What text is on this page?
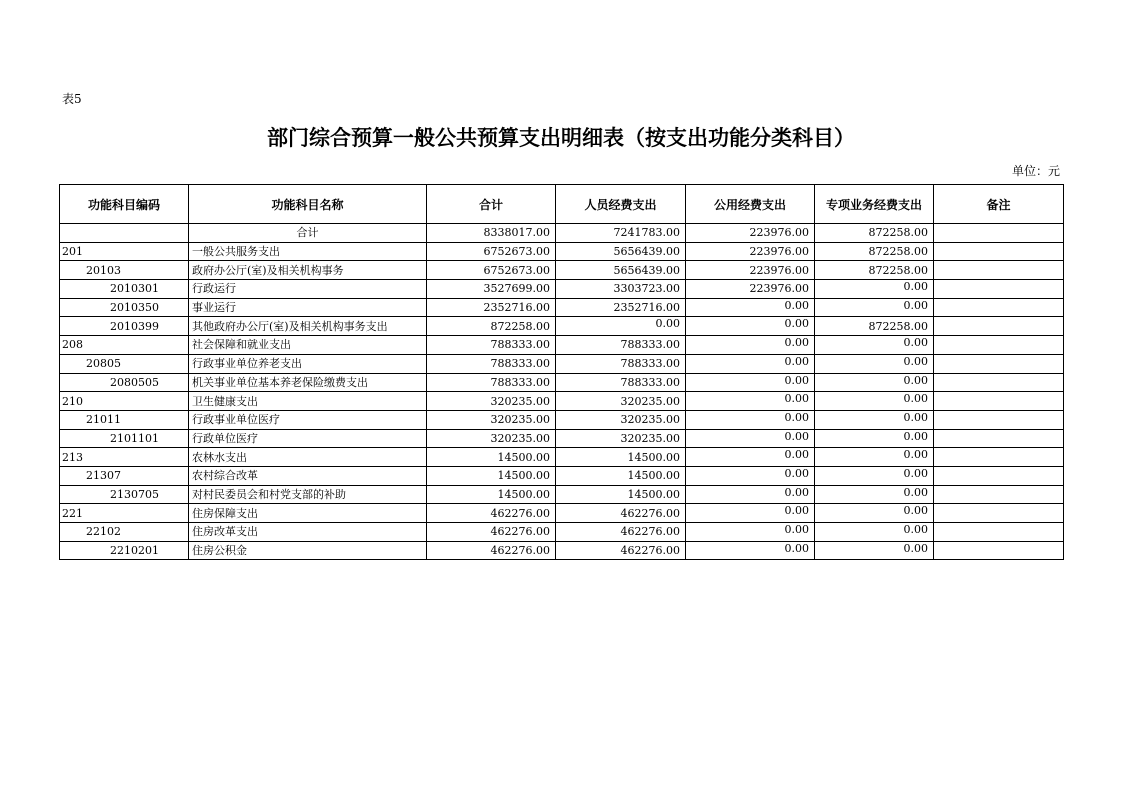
表5
部门综合预算一般公共预算支出明细表（按支出功能分类科目）
单位：元
功能科目编码	功能科目名称	合计	人员经费支出	公用经费支出	专项业务经费支出	备注
	合计	8338017.00	7241783.00	223976.00	872258.00	
201	一般公共服务支出	6752673.00	5656439.00	223976.00	872258.00	
20103	政府办公厅(室)及相关机构事务	6752673.00	5656439.00	223976.00	872258.00	
2010301	行政运行	3527699.00	3303723.00	223976.00	0.00	
2010350	事业运行	2352716.00	2352716.00	0.00	0.00	
2010399	其他政府办公厅(室)及相关机构事务支出	872258.00	0.00	0.00	872258.00	
208	社会保障和就业支出	788333.00	788333.00	0.00	0.00	
20805	行政事业单位养老支出	788333.00	788333.00	0.00	0.00	
2080505	机关事业单位基本养老保险缴费支出	788333.00	788333.00	0.00	0.00	
210	卫生健康支出	320235.00	320235.00	0.00	0.00	
21011	行政事业单位医疗	320235.00	320235.00	0.00	0.00	
2101101	行政单位医疗	320235.00	320235.00	0.00	0.00	
213	农林水支出	14500.00	14500.00	0.00	0.00	
21307	农村综合改革	14500.00	14500.00	0.00	0.00	
2130705	对村民委员会和村党支部的补助	14500.00	14500.00	0.00	0.00	
221	住房保障支出	462276.00	462276.00	0.00	0.00	
22102	住房改革支出	462276.00	462276.00	0.00	0.00	
2210201	住房公积金	462276.00	462276.00	0.00	0.00	
